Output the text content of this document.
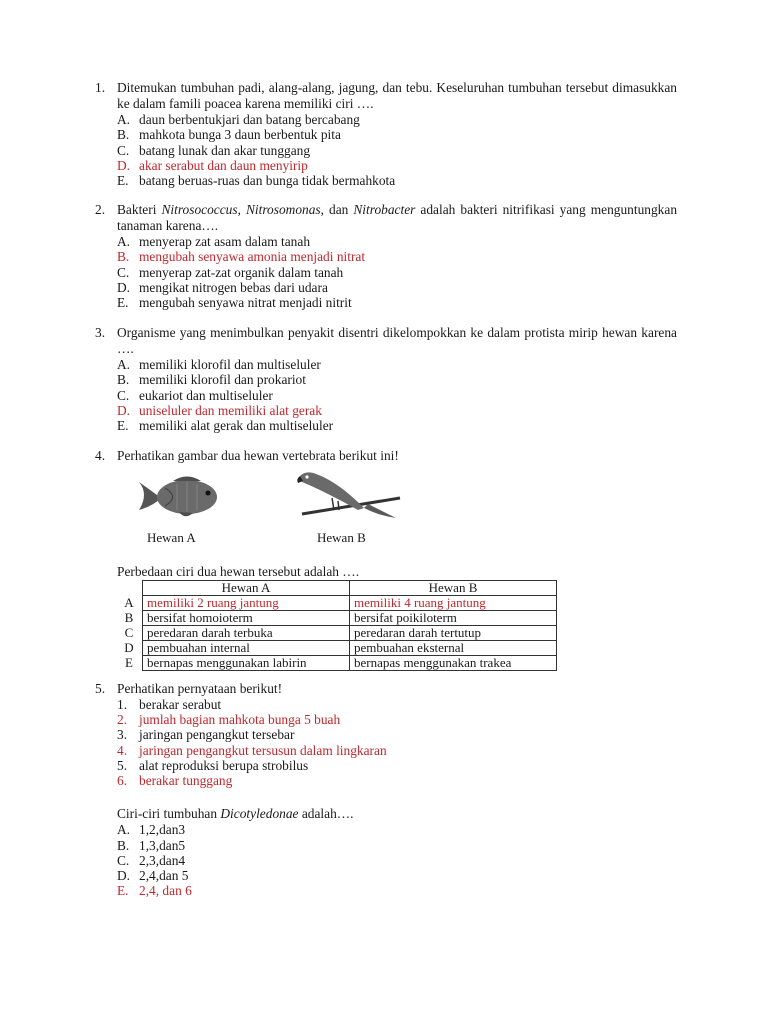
1. Ditemukan tumbuhan padi, alang-alang, jagung, dan tebu. Keseluruhan tumbuhan tersebut dimasukkan ke dalam famili poacea karena memiliki ciri ….
A. daun berbentukjari dan batang bercabang
B. mahkota bunga 3 daun berbentuk pita
C. batang lunak dan akar tunggang
D. akar serabut dan daun menyirip
E. batang beruas-ruas dan bunga tidak bermahkota
2. Bakteri Nitrosococcus, Nitrosomonas, dan Nitrobacter adalah bakteri nitrifikasi yang menguntungkan tanaman karena….
A. menyerap zat asam dalam tanah
B. mengubah senyawa amonia menjadi nitrat
C. menyerap zat-zat organik dalam tanah
D. mengikat nitrogen bebas dari udara
E. mengubah senyawa nitrat menjadi nitrit
3. Organisme yang menimbulkan penyakit disentri dikelompokkan ke dalam protista mirip hewan karena ….
A. memiliki klorofil dan multiseluler
B. memiliki klorofil dan prokariot
C. eukariot dan multiseluler
D. uniseluler dan memiliki alat gerak
E. memiliki alat gerak dan multiseluler
4. Perhatikan gambar dua hewan vertebrata berikut ini!
Hewan A	Hewan B
Perbedaan ciri dua hewan tersebut adalah ….
	Hewan A	Hewan B
A	memiliki 2 ruang jantung	memiliki 4 ruang jantung
B	bersifat homoioterm	bersifat poikiloterm
C	peredaran darah terbuka	peredaran darah tertutup
D	pembuahan internal	pembuahan eksternal
E	bernapas menggunakan labirin	bernapas menggunakan trakea
5. Perhatikan pernyataan berikut!
1. berakar serabut
2. jumlah bagian mahkota bunga 5 buah
3. jaringan pengangkut tersebar
4. jaringan pengangkut tersusun dalam lingkaran
5. alat reproduksi berupa strobilus
6. berakar tunggang
Ciri-ciri tumbuhan Dicotyledonae adalah….
A. 1,2,dan3
B. 1,3,dan5
C. 2,3,dan4
D. 2,4,dan 5
E. 2,4, dan 6
